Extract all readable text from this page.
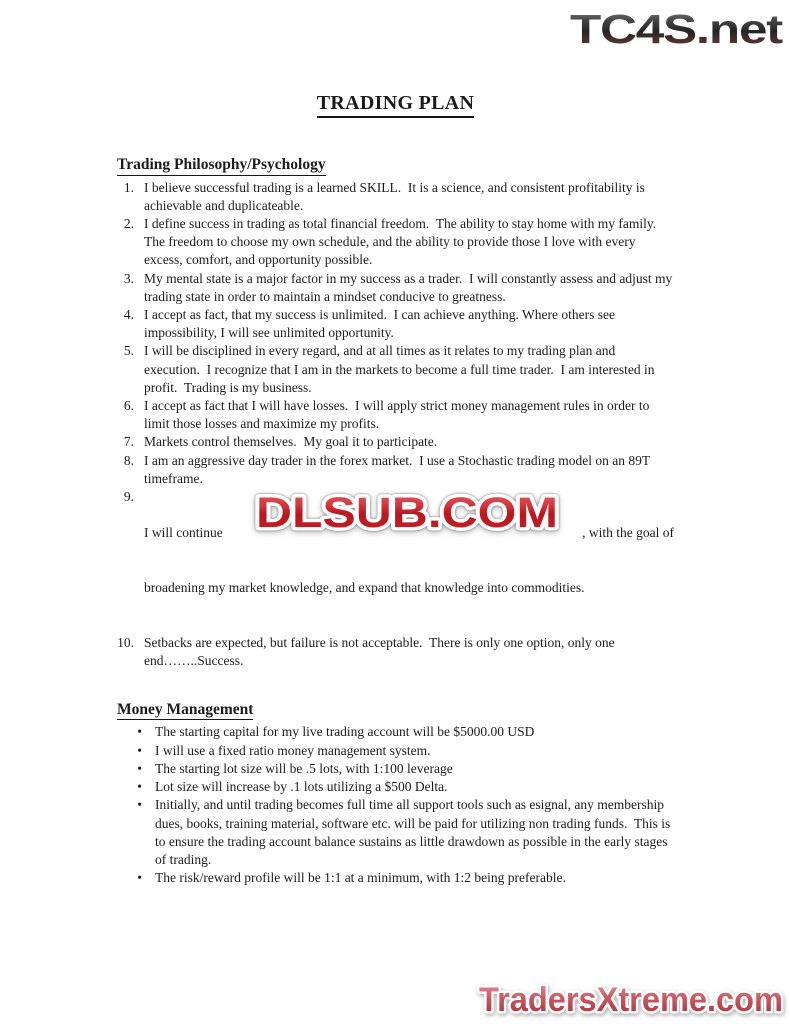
TC4S.net
TRADING PLAN
Trading Philosophy/Psychology
1. I believe successful trading is a learned SKILL.  It is a science, and consistent profitability is achievable and duplicateable.
2. I define success in trading as total financial freedom.  The ability to stay home with my family.  The freedom to choose my own schedule, and the ability to provide those I love with every excess, comfort, and opportunity possible.
3. My mental state is a major factor in my success as a trader.  I will constantly assess and adjust my trading state in order to maintain a mindset conducive to greatness.
4. I accept as fact, that my success is unlimited.  I can achieve anything. Where others see impossibility, I will see unlimited opportunity.
5. I will be disciplined in every regard, and at all times as it relates to my trading plan and execution.  I recognize that I am in the markets to become a full time trader.  I am interested in profit.  Trading is my business.
6. I accept as fact that I will have losses.  I will apply strict money management rules in order to limit those losses and maximize my profits.
7. Markets control themselves.  My goal it to participate.
8. I am an aggressive day trader in the forex market.  I use a Stochastic trading model on an 89T timeframe.
9.

I will continue	, with the goal of

broadening my market knowledge, and expand that knowledge into commodities.

10. Setbacks are expected, but failure is not acceptable.  There is only one option, only one end……..Success.
Money Management
• The starting capital for my live trading account will be $5000.00 USD
• I will use a fixed ratio money management system.
• The starting lot size will be .5 lots, with 1:100 leverage
• Lot size will increase by .1 lots utilizing a $500 Delta.
• Initially, and until trading becomes full time all support tools such as esignal, any membership dues, books, training material, software etc. will be paid for utilizing non trading funds.  This is to ensure the trading account balance sustains as little drawdown as possible in the early stages of trading.
• The risk/reward profile will be 1:1 at a minimum, with 1:2 being preferable.
DLSUB.COM
TradersXtreme.com
